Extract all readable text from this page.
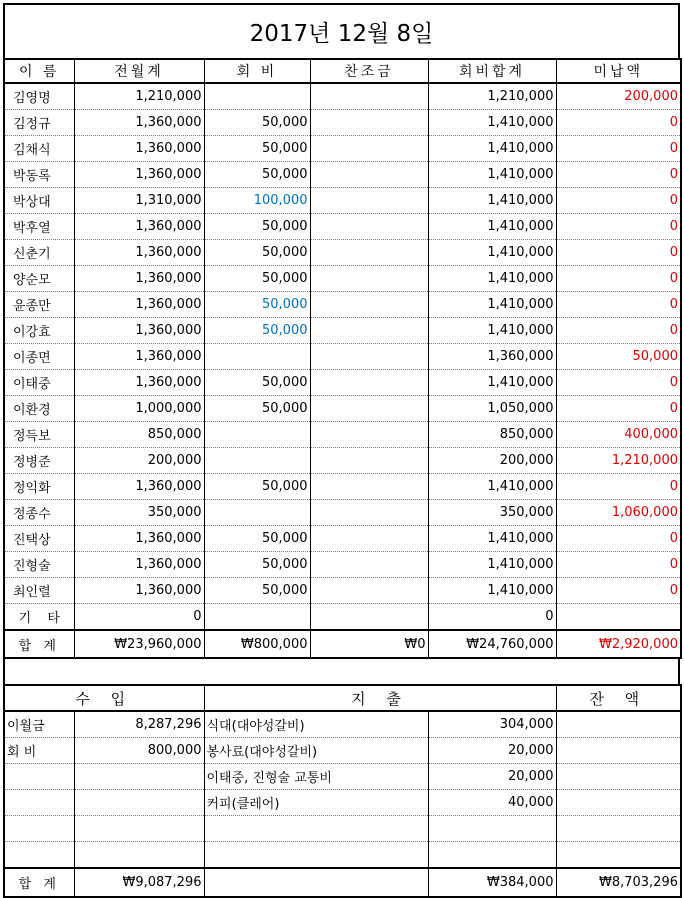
2017년 12월 8일
이 름	전월계	회 비	찬조금	회비합계	미납액
김영명	1,210,000			1,210,000	200,000
김정규	1,360,000	50,000		1,410,000	0
김채식	1,360,000	50,000		1,410,000	0
박동록	1,360,000	50,000		1,410,000	0
박상대	1,310,000	100,000		1,410,000	0
박후열	1,360,000	50,000		1,410,000	0
신춘기	1,360,000	50,000		1,410,000	0
양순모	1,360,000	50,000		1,410,000	0
윤종만	1,360,000	50,000		1,410,000	0
이강효	1,360,000	50,000		1,410,000	0
이종면	1,360,000			1,360,000	50,000
이태중	1,360,000	50,000		1,410,000	0
이환경	1,000,000	50,000		1,050,000	0
정득보	850,000			850,000	400,000
정병준	200,000			200,000	1,210,000
정익화	1,360,000	50,000		1,410,000	0
정종수	350,000			350,000	1,060,000
진택상	1,360,000	50,000		1,410,000	0
진형술	1,360,000	50,000		1,410,000	0
최인렬	1,360,000	50,000		1,410,000	0
기 타	0			0	
합 계	₩23,960,000	₩800,000	₩0	₩24,760,000	₩2,920,000
수 입		지 출		잔 액
이월금	8,287,296	식대(대야성갈비)	304,000	
회 비	800,000	봉사료(대야성갈비)	20,000	
		이태중, 진형술 교통비	20,000	
		커피(클레어)	40,000	

합 계	₩9,087,296		₩384,000	₩8,703,296
